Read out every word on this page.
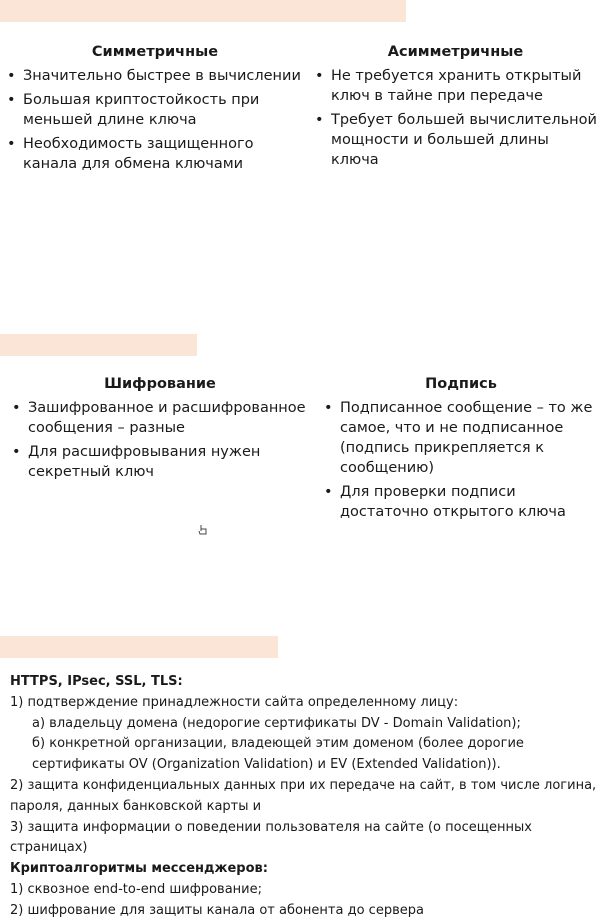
Симметричные
• Значительно быстрее в вычислении
• Большая криптостойкость при меньшей длине ключа
• Необходимость защищенного канала для обмена ключами
Асимметричные
• Не требуется хранить открытый ключ в тайне при передаче
• Требует большей вычислительной мощности и большей длины ключа
Шифрование
• Зашифрованное и расшифрованное сообщения – разные
• Для расшифровывания нужен секретный ключ
Подпись
• Подписанное сообщение – то же самое, что и не подписанное (подпись прикрепляется к сообщению)
• Для проверки подписи достаточно открытого ключа

HTTPS, IPsec, SSL, TLS:

1) подтверждение принадлежности сайта определенному лицу:

а) владельцу домена (недорогие сертификаты DV - Domain Validation);

б) конкретной организации, владеющей этим доменом (более дорогие сертификаты OV (Organization Validation) и EV (Extended Validation)).

2) защита конфиденциальных данных при их передаче на сайт, в том числе логина, пароля, данных банковской карты и

3) защита информации о поведении пользователя на сайте (о посещенных страницах)

Криптоалгоритмы мессенджеров:

1) сквозное end-to-end шифрование;

2) шифрование для защиты канала от абонента до сервера
